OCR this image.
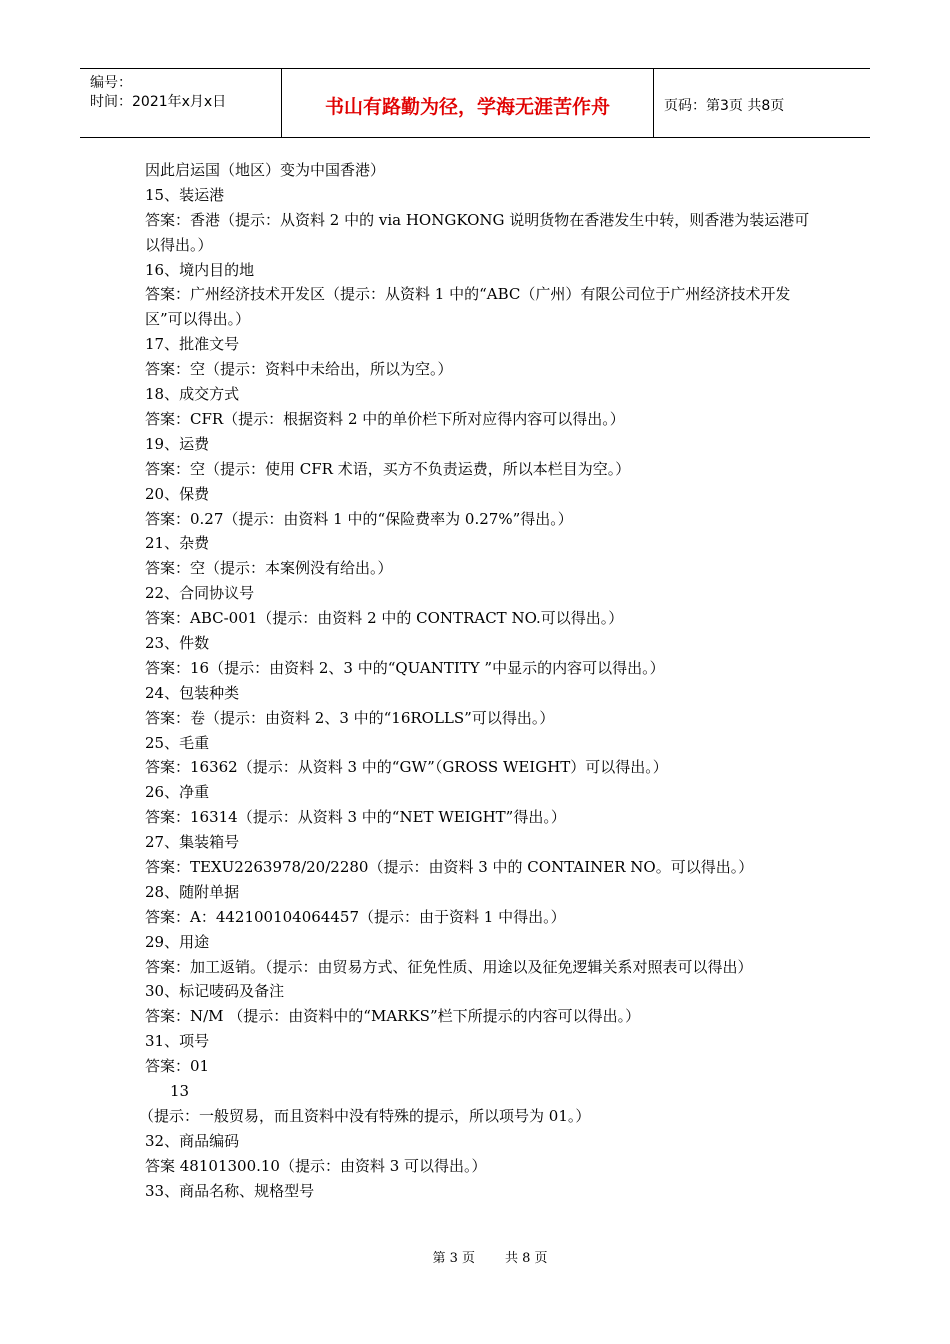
编号：
时间：2021年x月x日	书山有路勤为径，学海无涯苦作舟	页码：第3页 共8页
因此启运国（地区）变为中国香港）
15、装运港
答案：香港（提示：从资料 2 中的 via HONGKONG 说明货物在香港发生中转，则香港为装运港可以得出。）
16、境内目的地
答案：广州经济技术开发区（提示：从资料 1 中的“ABC（广州）有限公司位于广州经济技术开发区”可以得出。）
17、批准文号
答案：空（提示：资料中未给出，所以为空。）
18、成交方式
答案：CFR（提示：根据资料 2 中的单价栏下所对应得内容可以得出。）
19、运费
答案：空（提示：使用 CFR 术语，买方不负责运费，所以本栏目为空。）
20、保费
答案：0.27（提示：由资料 1 中的“保险费率为 0.27%”得出。）
21、杂费
答案：空（提示：本案例没有给出。）
22、合同协议号
答案：ABC-001（提示：由资料 2 中的 CONTRACT NO.可以得出。）
23、件数
答案：16（提示：由资料 2、3 中的“QUANTITY ”中显示的内容可以得出。）
24、包装种类
答案：卷（提示：由资料 2、3 中的“16ROLLS”可以得出。）
25、毛重
答案：16362（提示：从资料 3 中的“GW”（GROSS WEIGHT）可以得出。）
26、净重
答案：16314（提示：从资料 3 中的“NET WEIGHT”得出。）
27、集装箱号
答案：TEXU2263978/20/2280（提示：由资料 3 中的 CONTAINER NO。可以得出。）
28、随附单据
答案：A：442100104064457（提示：由于资料 1 中得出。）
29、用途
答案：加工返销。（提示：由贸易方式、征免性质、用途以及征免逻辑关系对照表可以得出）
30、标记唛码及备注
答案：N/M （提示：由资料中的“MARKS”栏下所提示的内容可以得出。）
31、项号
答案：01
13
（提示：一般贸易，而且资料中没有特殊的提示，所以项号为 01。）
32、商品编码
答案 48101300.10（提示：由资料 3 可以得出。）
33、商品名称、规格型号
第 3 页 共 8 页
